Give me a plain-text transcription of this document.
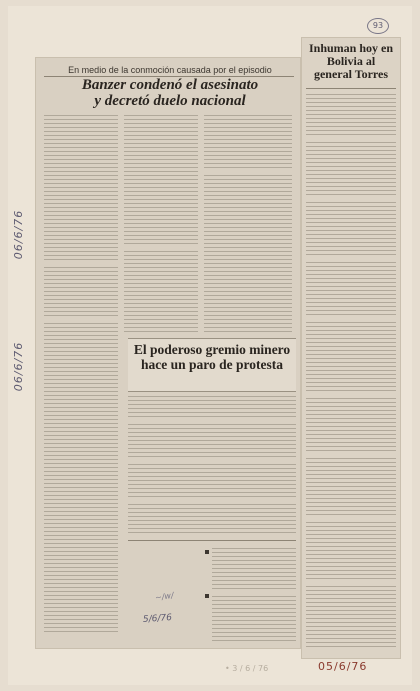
93
06/6/76
06/6/76
En medio de la conmoción causada por el episodio
Banzer condenó el asesinato
y decretó duelo nacional
El poderoso gremio minero
hace un paro de protesta
~/w/
5/6/76
Inhuman hoy en
Bolivia al
general Torres
• 3 / 6 / 76	05/6/76
